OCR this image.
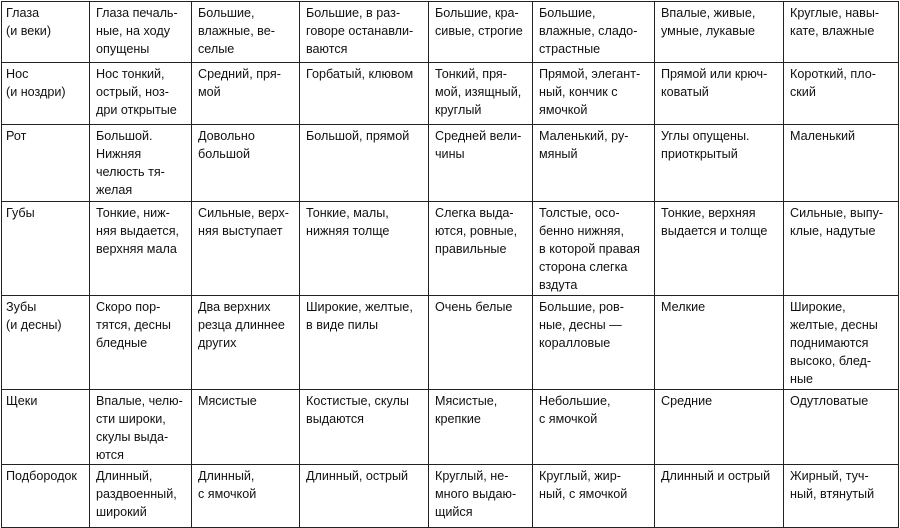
Глаза
(и веки)	Глаза печаль-
ные, на ходу
опущены	Большие,
влажные, ве-
селые	Большие, в раз-
говоре останавли-
ваются	Большие, кра-
сивые, строгие	Большие,
влажные, сладо-
страстные	Впалые, живые,
умные, лукавые	Круглые, навы-
кате, влажные
Нос
(и ноздри)	Нос тонкий,
острый, ноз-
дри открытые	Средний, пря-
мой	Горбатый, клювом	Тонкий, пря-
мой, изящный,
круглый	Прямой, элегант-
ный, кончик с
ямочкой	Прямой или крюч-
коватый	Короткий, пло-
ский
Рот	Большой.
Нижняя
челюсть тя-
желая	Довольно
большой	Большой, прямой	Средней вели-
чины	Маленький, ру-
мяный	Углы опущены.
приоткрытый	Маленький
Губы	Тонкие, ниж-
няя выдается,
верхняя мала	Сильные, верх-
няя выступает	Тонкие, малы,
нижняя толще	Слегка выда-
ются, ровные,
правильные	Толстые, осо-
бенно нижняя,
в которой правая
сторона слегка
вздута	Тонкие, верхняя
выдается и толще	Сильные, выпу-
клые, надутые
Зубы
(и десны)	Скоро пор-
тятся, десны
бледные	Два верхних
резца длиннее
других	Широкие, желтые,
в виде пилы	Очень белые	Большие, ров-
ные, десны —
коралловые	Мелкие	Широкие,
желтые, десны
поднимаются
высоко, блед-
ные
Щеки	Впалые, челю-
сти широки,
скулы выда-
ются	Мясистые	Костистые, скулы
выдаются	Мясистые,
крепкие	Небольшие,
с ямочкой	Средние	Одутловатые
Подбородок	Длинный,
раздвоенный,
широкий	Длинный,
с ямочкой	Длинный, острый	Круглый, не-
много выдаю-
щийся	Круглый, жир-
ный, с ямочкой	Длинный и острый	Жирный, туч-
ный, втянутый
